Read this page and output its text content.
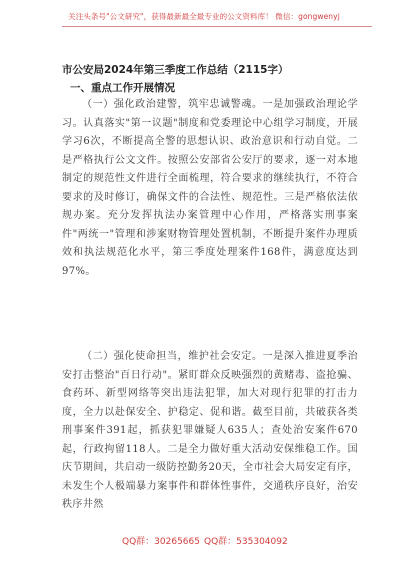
关注头条号"公文研究"，获得最新最全最专业的公文资料库！ 微信：gongwenyj
市公安局2024年第三季度工作总结（2115字）
一、重点工作开展情况

（一）强化政治建警，筑牢忠诚警魂。一是加强政治理论学习。认真落实"第一议题"制度和党委理论中心组学习制度，开展学习6次，不断提高全警的思想认识、政治意识和行动自觉。二是严格执行公文文件。按照公安部省公安厅的要求，逐一对本地制定的规范性文件进行全面梳理，符合要求的继续执行，不符合要求的及时修订，确保文件的合法性、规范性。三是严格依法依规办案。充分发挥执法办案管理中心作用，严格落实刑事案件"两统一"管理和涉案财物管理处置机制，不断提升案件办理质效和执法规范化水平，第三季度处理案件168件，满意度达到97%。

（二）强化使命担当，维护社会安定。一是深入推进夏季治安打击整治"百日行动"。紧盯群众反映强烈的黄赌毒、盗抢骗、食药环、新型网络等突出违法犯罪，加大对现行犯罪的打击力度，全力以赴保安全、护稳定、促和谐。截至目前，共破获各类刑事案件391起，抓获犯罪嫌疑人635人；查处治安案件670起，行政拘留118人。二是全力做好重大活动安保维稳工作。国庆节期间，共启动一级防控勤务20天，全市社会大局安定有序，未发生个人极端暴力案事件和群体性事件，交通秩序良好，治安秩序井然

QQ群：30265665 QQ群：535304092
